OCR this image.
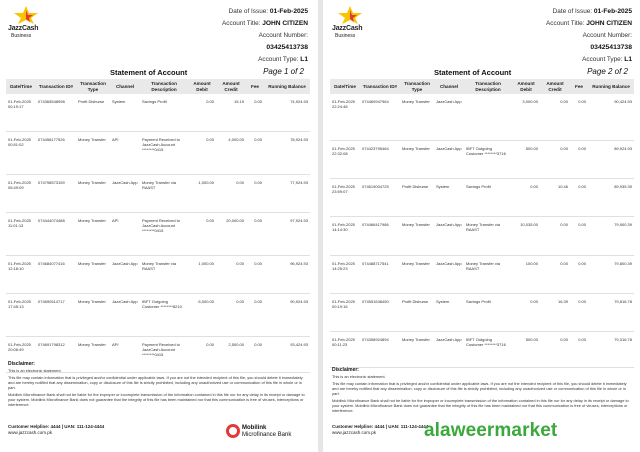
JazzCash
Business
Date of Issue: 01-Feb-2025
Account Title: JOHN CITIZEN
Account Number:
03425413738
Account Type: L1
Statement of Account	Page 1 of 2
Date/Time	Transaction ID#	Transaction Type	Channel	Transaction Description	Amount Debit	Amount Credit	Fee	Running Balance
01-Feb-2025 00:19:17	074365548998	Profit Disburse	System	Savings Profit	0.00	15.19	0.00	74,924.93
01-Feb-2025 00:51:02	074458177526	Money Transfer	API	Payment Received to JazzCash Account ********0415	0.00	4,000.00	0.00	78,924.93
01-Feb-2025 05:49:09	074798573159	Money Transfer	JazzCash App	Money Transfer via RAAST	1,000.00	0.00	0.00	77,924.93
01-Feb-2025 11:01:13	074444074488	Money Transfer	API	Payment Received to JazzCash Account ********0415	0.00	20,000.00	0.00	97,924.93
01-Feb-2025 12:18:10	074684077416	Money Transfer	JazzCash App	Money Transfer via RAAST	1,000.00	0.00	0.00	96,924.93
01-Feb-2025 17:45:13	074690514717	Money Transfer	JazzCash App	IBFT Outgoing Customer ********8210	6,000.00	0.00	0.00	90,924.93
01-Feb-2025 20:06:49	074691798312	Money Transfer	API	Payment Received to JazzCash Account ********0415	0.00	2,500.00	0.00	93,424.93
Disclaimer:
This is an electronic statement.
This file may contain information that is privileged and/or confidential under applicable laws. If you are not the intended recipient of this file, you should delete it immediately and are hereby notified that any dissemination, copy or disclosure of this file is strictly prohibited, including any unauthorized use or communication of this file in whole or in part.
Mobilink Microfinance Bank shall not be liable for the improper or incomplete transmission of the information contained in this file nor for any delay in its receipt or damage to your system. Mobilink Microfinance Bank does not guarantee that the integrity of this file has been maintained nor that this communication is free of viruses, interceptions or interference.
Customer Helpline: 4444 | UAN: 111-124-4444
www.jazzcash.com.pk
Mobilink
Microfinance Bank
JazzCash
Business
Date of Issue: 01-Feb-2025
Account Title: JOHN CITIZEN
Account Number:
03425413738
Account Type: L1
Statement of Account	Page 2 of 2
Date/Time	Transaction ID#	Transaction Type	Channel	Transaction Description	Amount Debit	Amount Credit	Fee	Running Balance
01-Feb-2025 22:24:48	074469947964	Money Transfer	JazzCash App		3,000.00	0.00	0.00	90,424.93
01-Feb-2025 22:32:08	074423795464	Money Transfer	JazzCash App	IBFT Outgoing Customer ********3716	500.00	0.00	0.00	89,924.93
01-Feb-2025 23:59:07	074619004725	Profit Disburse	System	Savings Profit	0.00	10.46	0.00	89,935.39
01-Feb-2025 14:14:30	074466417986	Money Transfer	JazzCash App	Money Transfer via RAAST	10,035.00	0.00	0.00	79,900.39
01-Feb-2025 14:25:23	074488717541	Money Transfer	JazzCash App	Money Transfer via RAAST	100.00	0.00	0.00	79,800.39
01-Feb-2025 00:19:16	074551638450	Profit Disburse	System	Savings Profit	0.00	16.39	0.00	79,816.78
01-Feb-2025 00:11:23	074358924894	Money Transfer	JazzCash App	IBFT Outgoing Customer ********3716	500.00	0.00	0.00	79,316.78
Disclaimer:
This is an electronic statement.
This file may contain information that is privileged and/or confidential under applicable laws. If you are not the intended recipient of this file, you should delete it immediately and are hereby notified that any dissemination, copy or disclosure of this file is strictly prohibited, including any unauthorized use or communication of this file in whole or in part.
Mobilink Microfinance Bank shall not be liable for the improper or incomplete transmission of the information contained in this file nor for any delay in its receipt or damage to your system. Mobilink Microfinance Bank does not guarantee that the integrity of this file has been maintained nor that this communication is free of viruses, interceptions or interference.
Customer Helpline: 4444 | UAN: 111-124-4444
www.jazzcash.com.pk	alaweermarket
